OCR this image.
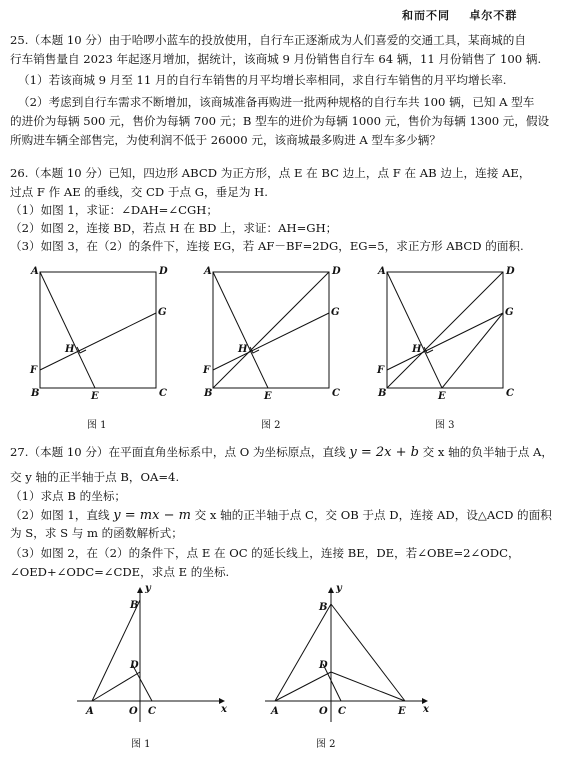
和而不同    卓尔不群
25.（本题 10 分）由于哈啰小蓝车的投放使用，自行车正逐渐成为人们喜爱的交通工具，某商城的自
行车销售量自 2023 年起逐月增加，据统计，该商城 9 月份销售自行车 64 辆，11 月份销售了 100 辆.
（1）若该商城 9 月至 11 月的自行车销售的月平均增长率相同，求自行车销售的月平均增长率.
（2）考虑到自行车需求不断增加，该商城准备再购进一批两种规格的自行车共 100 辆，已知 A 型车
的进价为每辆 500 元，售价为每辆 700 元；B 型车的进价为每辆 1000 元，售价为每辆 1300 元，假设
所购进车辆全部售完，为使利润不低于 26000 元，该商城最多购进 A 型车多少辆？
26.（本题 10 分）已知，四边形 ABCD 为正方形，点 E 在 BC 边上，点 F 在 AB 边上，连接 AE，
过点 F 作 AE 的垂线，交 CD 于点 G，垂足为 H.
（1）如图 1，求证：∠DAH=∠CGH；
（2）如图 2，连接 BD，若点 H 在 BD 上，求证：AH=GH；
（3）如图 3，在（2）的条件下，连接 EG，若 AF－BF=2DG，EG=5，求正方形 ABCD 的面积.
A	D
B	C
E
F
G
H
图 1
A	D
B	C
E
F
G
H
图 2
A	D
B	C
E
F
G
H
图 3
27.（本题 10 分）在平面直角坐标系中，点 O 为坐标原点，直线 y = 2x + b 交 x 轴的负半轴于点 A，
交 y 轴的正半轴于点 B，OA=4.
（1）求点 B 的坐标；
（2）如图 1，直线 y = mx − m 交 x 轴的正半轴于点 C，交 OB 于点 D，连接 AD，设△ACD 的面积
为 S，求 S 与 m 的函数解析式；
（3）如图 2，在（2）的条件下，点 E 在 OC 的延长线上，连接 BE，DE，若∠OBE=2∠ODC，
∠OED+∠ODC=∠CDE，求点 E 的坐标.
B
D
A	O C
y
x
图 1
B
D
A	O C	E
y
x
图 2
